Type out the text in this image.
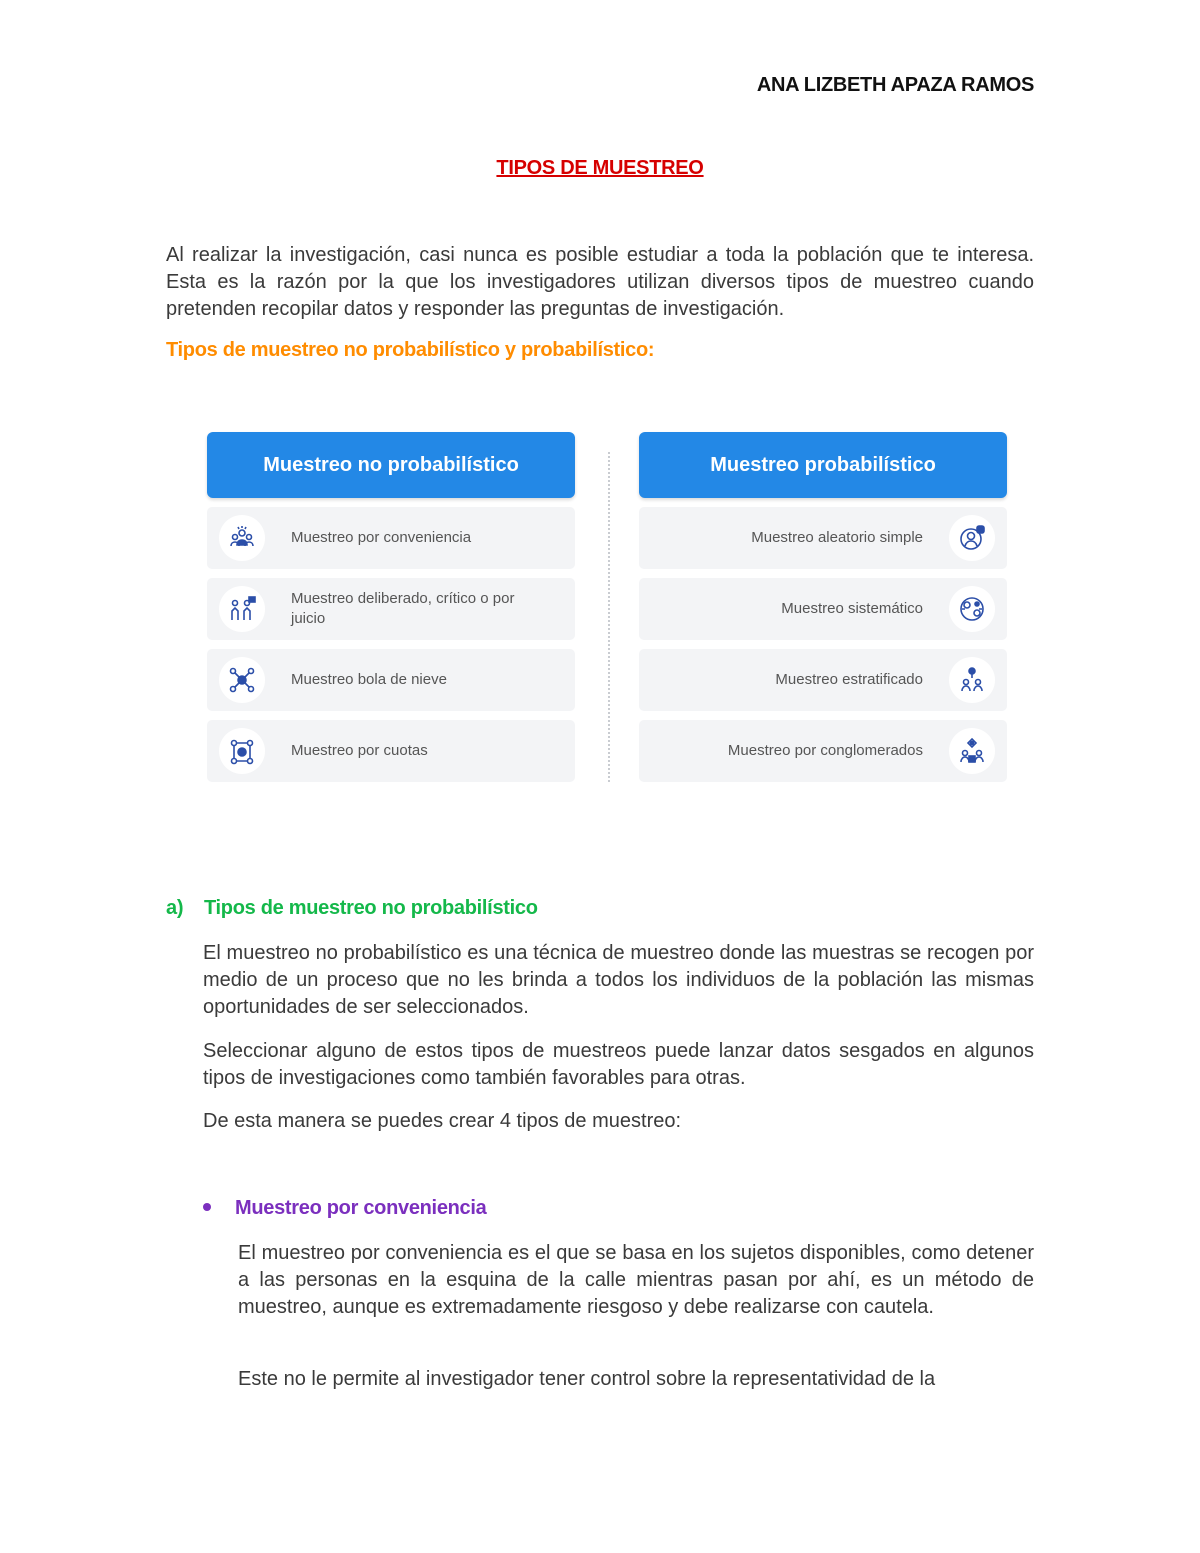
ANA LIZBETH APAZA RAMOS
TIPOS DE MUESTREO

Al realizar la investigación, casi nunca es posible estudiar a toda la población que te interesa. Esta es la razón por la que los investigadores utilizan diversos tipos de muestreo cuando pretenden recopilar datos y responder las preguntas de investigación.

Tipos de muestreo no probabilístico y probabilístico:
Muestreo no probabilístico
Muestreo por conveniencia
Muestreo deliberado, crítico o por juicio
Muestreo bola de nieve
Muestreo por cuotas
Muestreo probabilístico
Muestreo aleatorio simple
Muestreo sistemático
Muestreo estratificado
Muestreo por conglomerados
a) Tipos de muestreo no probabilístico

El muestreo no probabilístico es una técnica de muestreo donde las muestras se recogen por medio de un proceso que no les brinda a todos los individuos de la población las mismas oportunidades de ser seleccionados.

Seleccionar alguno de estos tipos de muestreos puede lanzar datos sesgados en algunos tipos de investigaciones como también favorables para otras.

De esta manera se puedes crear 4 tipos de muestreo:

Muestreo por conveniencia

El muestreo por conveniencia es el que se basa en los sujetos disponibles, como detener a las personas en la esquina de la calle mientras pasan por ahí, es un método de muestreo, aunque es extremadamente riesgoso y debe realizarse con cautela.

Este no le permite al investigador tener control sobre la representatividad de la
